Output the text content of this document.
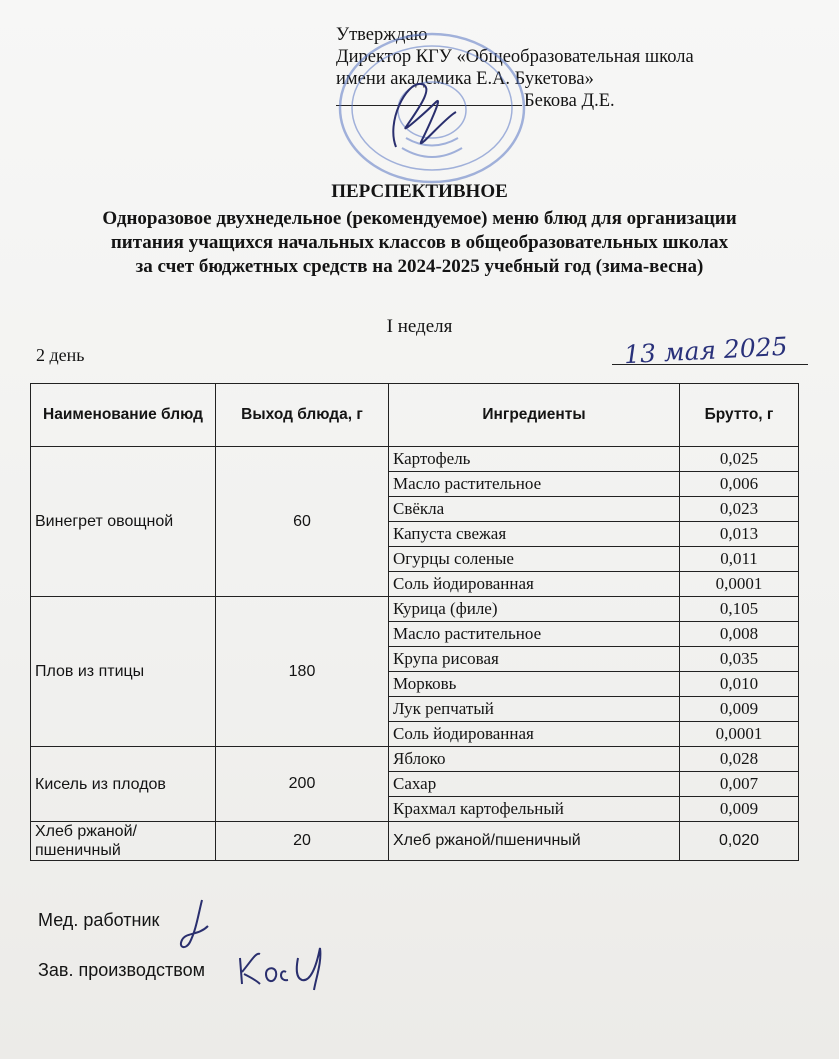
Утверждаю
Директор КГУ «Общеобразовательная школа
имени академика Е.А. Букетова»
Бекова Д.Е.
ПЕРСПЕКТИВНОЕ
Одноразовое двухнедельное (рекомендуемое) меню блюд для организации
питания учащихся начальных классов в общеобразовательных школах
за счет бюджетных средств на 2024-2025 учебный год (зима-весна)
I неделя
2 день	13 мая 2025
Наименование блюд	Выход блюда, г	Ингредиенты	Брутто, г
Винегрет овощной	60	Картофель	0,025
		Масло растительное	0,006
		Свёкла	0,023
		Капуста свежая	0,013
		Огурцы соленые	0,011
		Соль йодированная	0,0001
Плов из птицы	180	Курица (филе)	0,105
		Масло растительное	0,008
		Крупа рисовая	0,035
		Морковь	0,010
		Лук репчатый	0,009
		Соль йодированная	0,0001
Кисель из плодов	200	Яблоко	0,028
		Сахар	0,007
		Крахмал картофельный	0,009
Хлеб ржаной/ пшеничный	20	Хлеб ржаной/пшеничный	0,020
Мед. работник
Зав. производством
